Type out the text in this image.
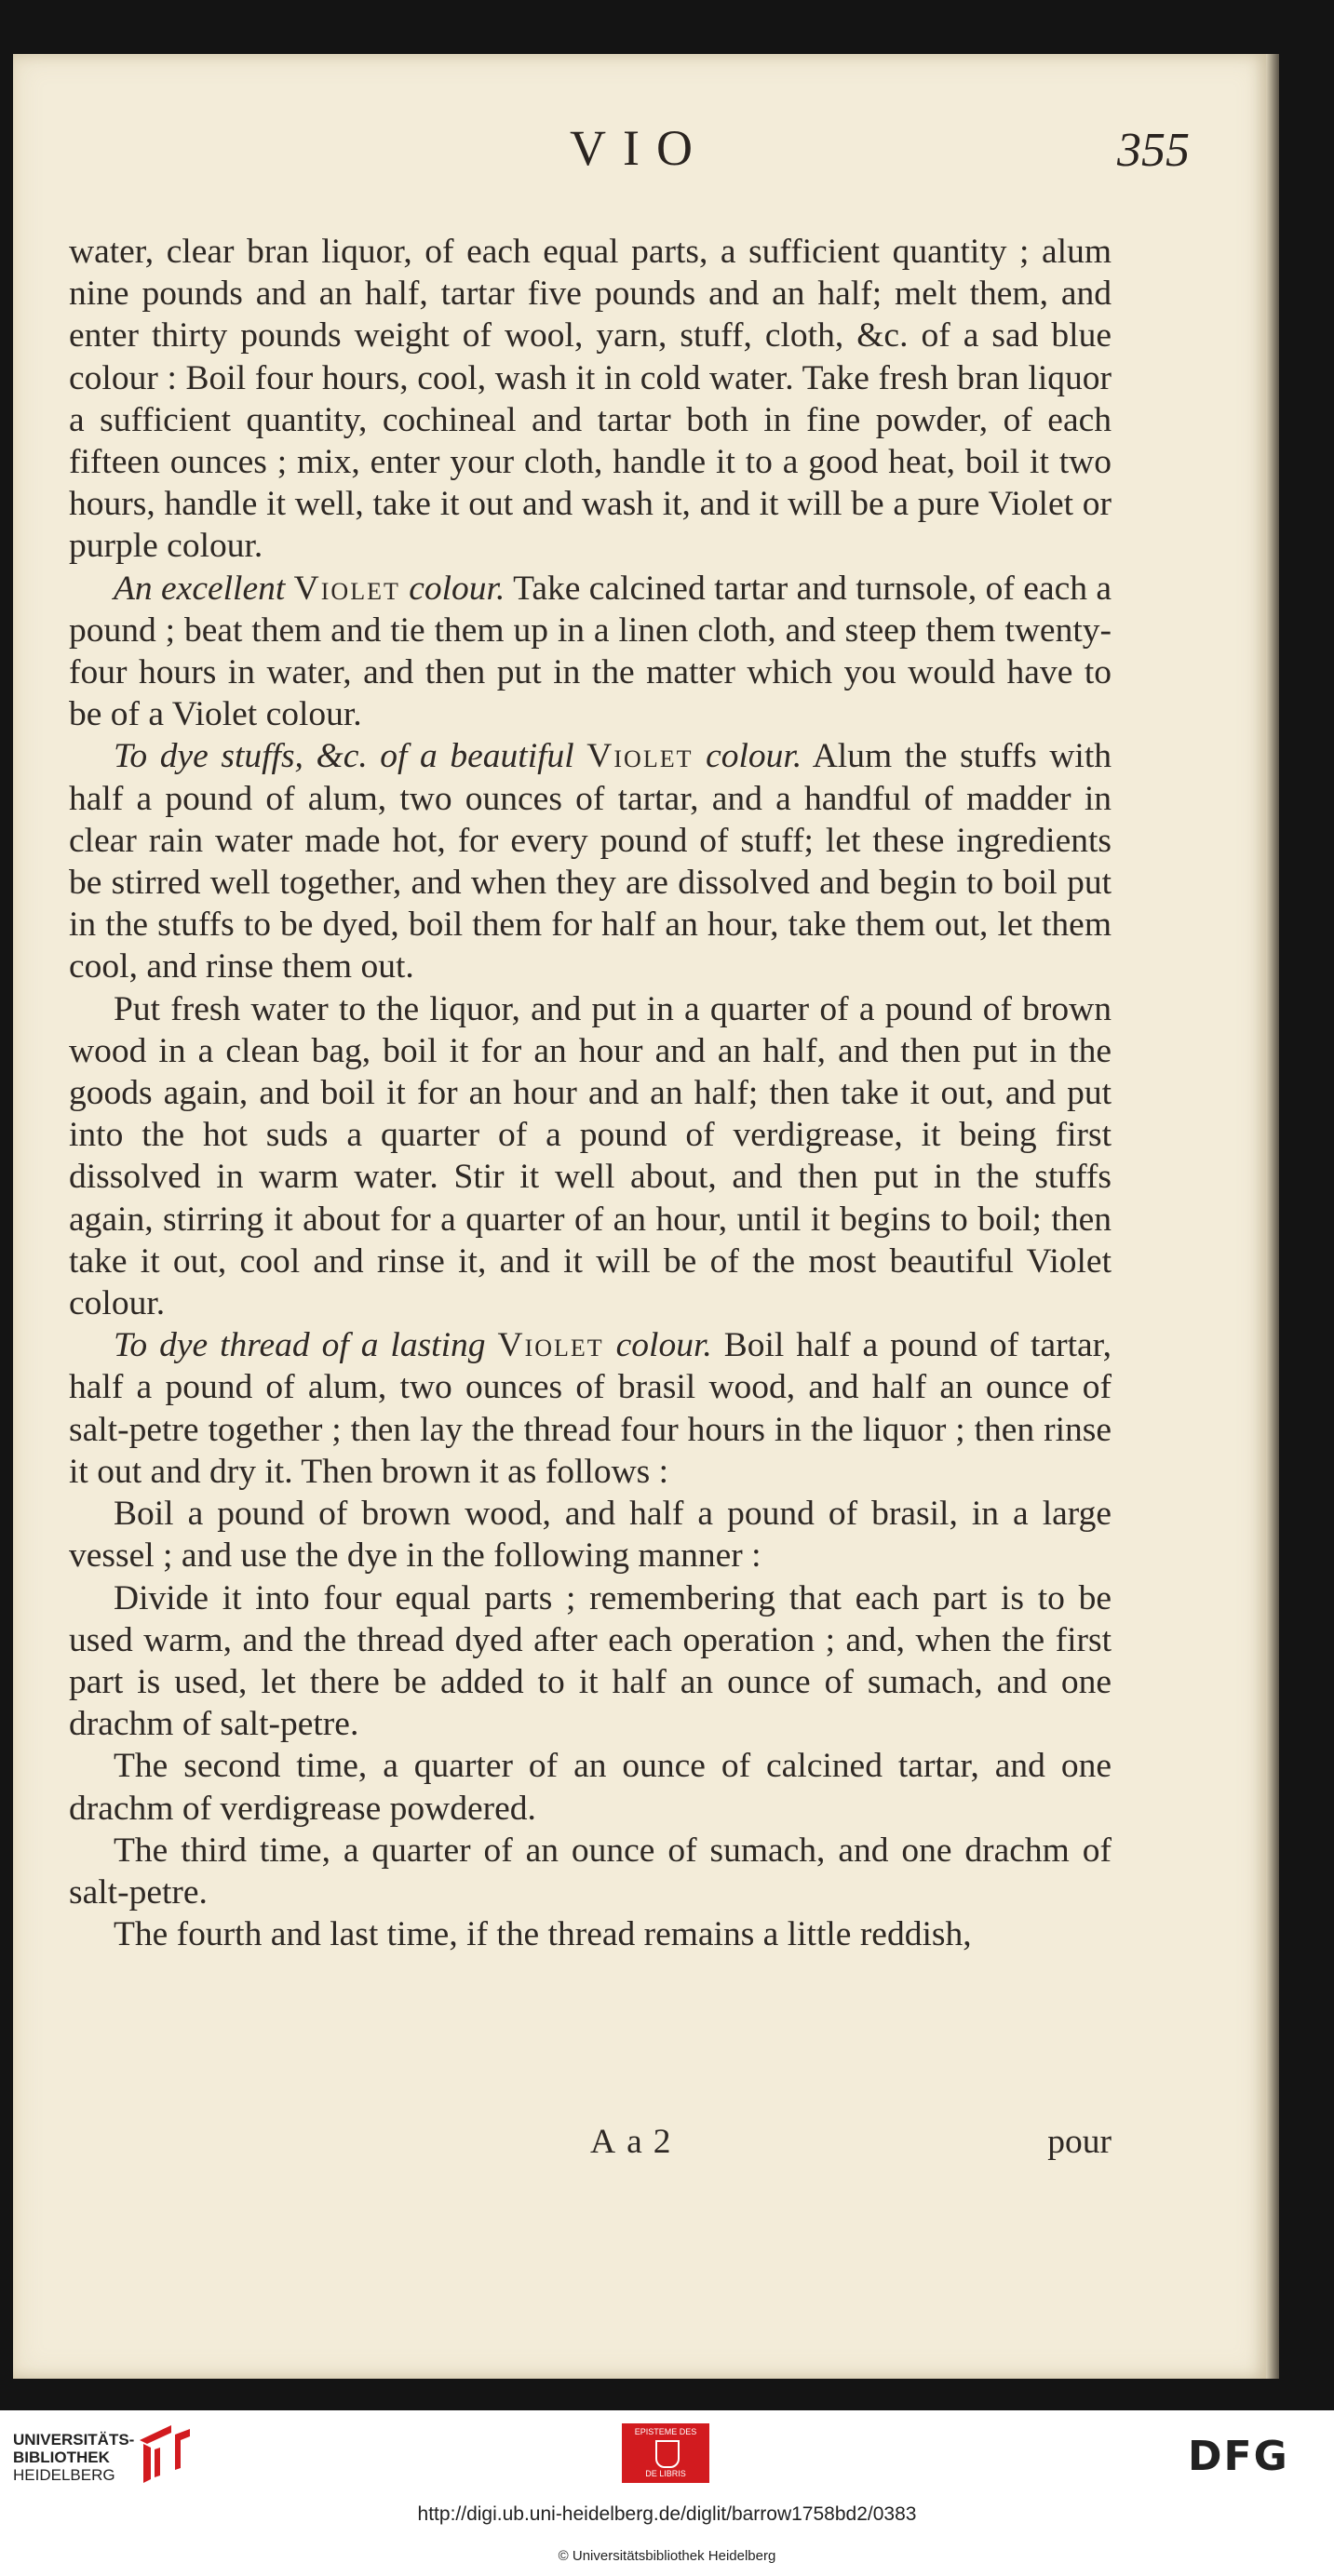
VIO	355

water, clear bran liquor, of each equal parts, a sufficient quantity ; alum nine pounds and an half, tartar five pounds and an half; melt them, and enter thirty pounds weight of wool, yarn, stuff, cloth, &c. of a sad blue colour : Boil four hours, cool, wash it in cold water. Take fresh bran liquor a sufficient quantity, cochineal and tartar both in fine powder, of each fifteen ounces ; mix, enter your cloth, handle it to a good heat, boil it two hours, handle it well, take it out and wash it, and it will be a pure Violet or purple colour.

An excellent Violet colour. Take calcined tartar and turnsole, of each a pound ; beat them and tie them up in a linen cloth, and steep them twenty-four hours in water, and then put in the matter which you would have to be of a Violet colour.

To dye stuffs, &c. of a beautiful Violet colour. Alum the stuffs with half a pound of alum, two ounces of tartar, and a handful of madder in clear rain water made hot, for every pound of stuff; let these ingredients be stirred well together, and when they are dissolved and begin to boil put in the stuffs to be dyed, boil them for half an hour, take them out, let them cool, and rinse them out.

Put fresh water to the liquor, and put in a quarter of a pound of brown wood in a clean bag, boil it for an hour and an half, and then put in the goods again, and boil it for an hour and an half; then take it out, and put into the hot suds a quarter of a pound of verdigrease, it being first dissolved in warm water. Stir it well about, and then put in the stuffs again, stirring it about for a quarter of an hour, until it begins to boil; then take it out, cool and rinse it, and it will be of the most beautiful Violet colour.

To dye thread of a lasting Violet colour. Boil half a pound of tartar, half a pound of alum, two ounces of brasil wood, and half an ounce of salt-petre together ; then lay the thread four hours in the liquor ; then rinse it out and dry it. Then brown it as follows :

Boil a pound of brown wood, and half a pound of brasil, in a large vessel ; and use the dye in the following manner :

Divide it into four equal parts ; remembering that each part is to be used warm, and the thread dyed after each operation ; and, when the first part is used, let there be added to it half an ounce of sumach, and one drachm of salt-petre.

The second time, a quarter of an ounce of calcined tartar, and one drachm of verdigrease powdered.

The third time, a quarter of an ounce of sumach, and one drachm of salt-petre.

The fourth and last time, if the thread remains a little reddish,

Aa2	pour
UNIVERSITÄTS-
BIBLIOTHEK
HEIDELBERG
EPISTEME DES
DE LIBRIS	DFG
http://digi.ub.uni-heidelberg.de/diglit/barrow1758bd2/0383
© Universitätsbibliothek Heidelberg
